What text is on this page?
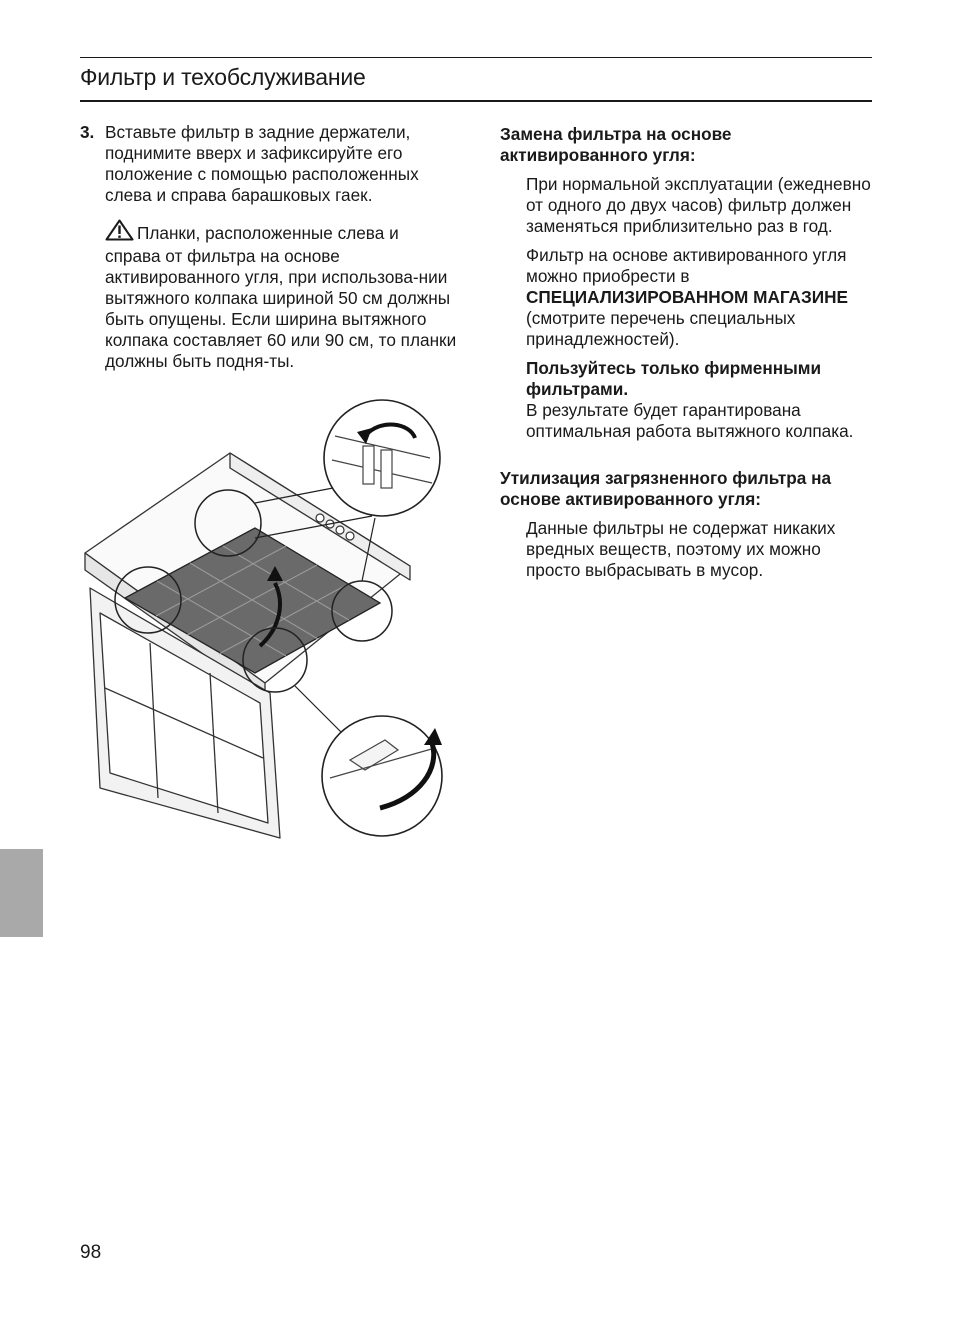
Фильтр и техобслуживание
3. Вставьте фильтр в задние держатели, поднимите вверх и зафиксируйте его положение с помощью расположенных слева и справа барашковых гаек.
Планки, расположенные слева и справа от фильтра на основе активированного угля, при использова-нии вытяжного колпака шириной 50 см должны быть опущены. Если ширина вытяжного колпака составляет 60 или 90 см, то планки должны быть подня-ты.

Замена фильтра на основе активированного угля:

При нормальной эксплуатации (ежедневно от одного до двух часов) фильтр должен заменяться приблизительно раз в год.

Фильтр на основе активированного угля можно приобрести в СПЕЦИАЛИЗИРОВАННОМ МАГАЗИНЕ (смотрите перечень специальных принадлежностей).

Пользуйтесь только фирменными фильтрами.

В результате будет гарантирована оптимальная работа вытяжного колпака.

Утилизация загрязненного фильтра на основе активированного угля:

Данные фильтры не содержат никаких вредных веществ, поэтому их можно просто выбрасывать в мусор.

98
